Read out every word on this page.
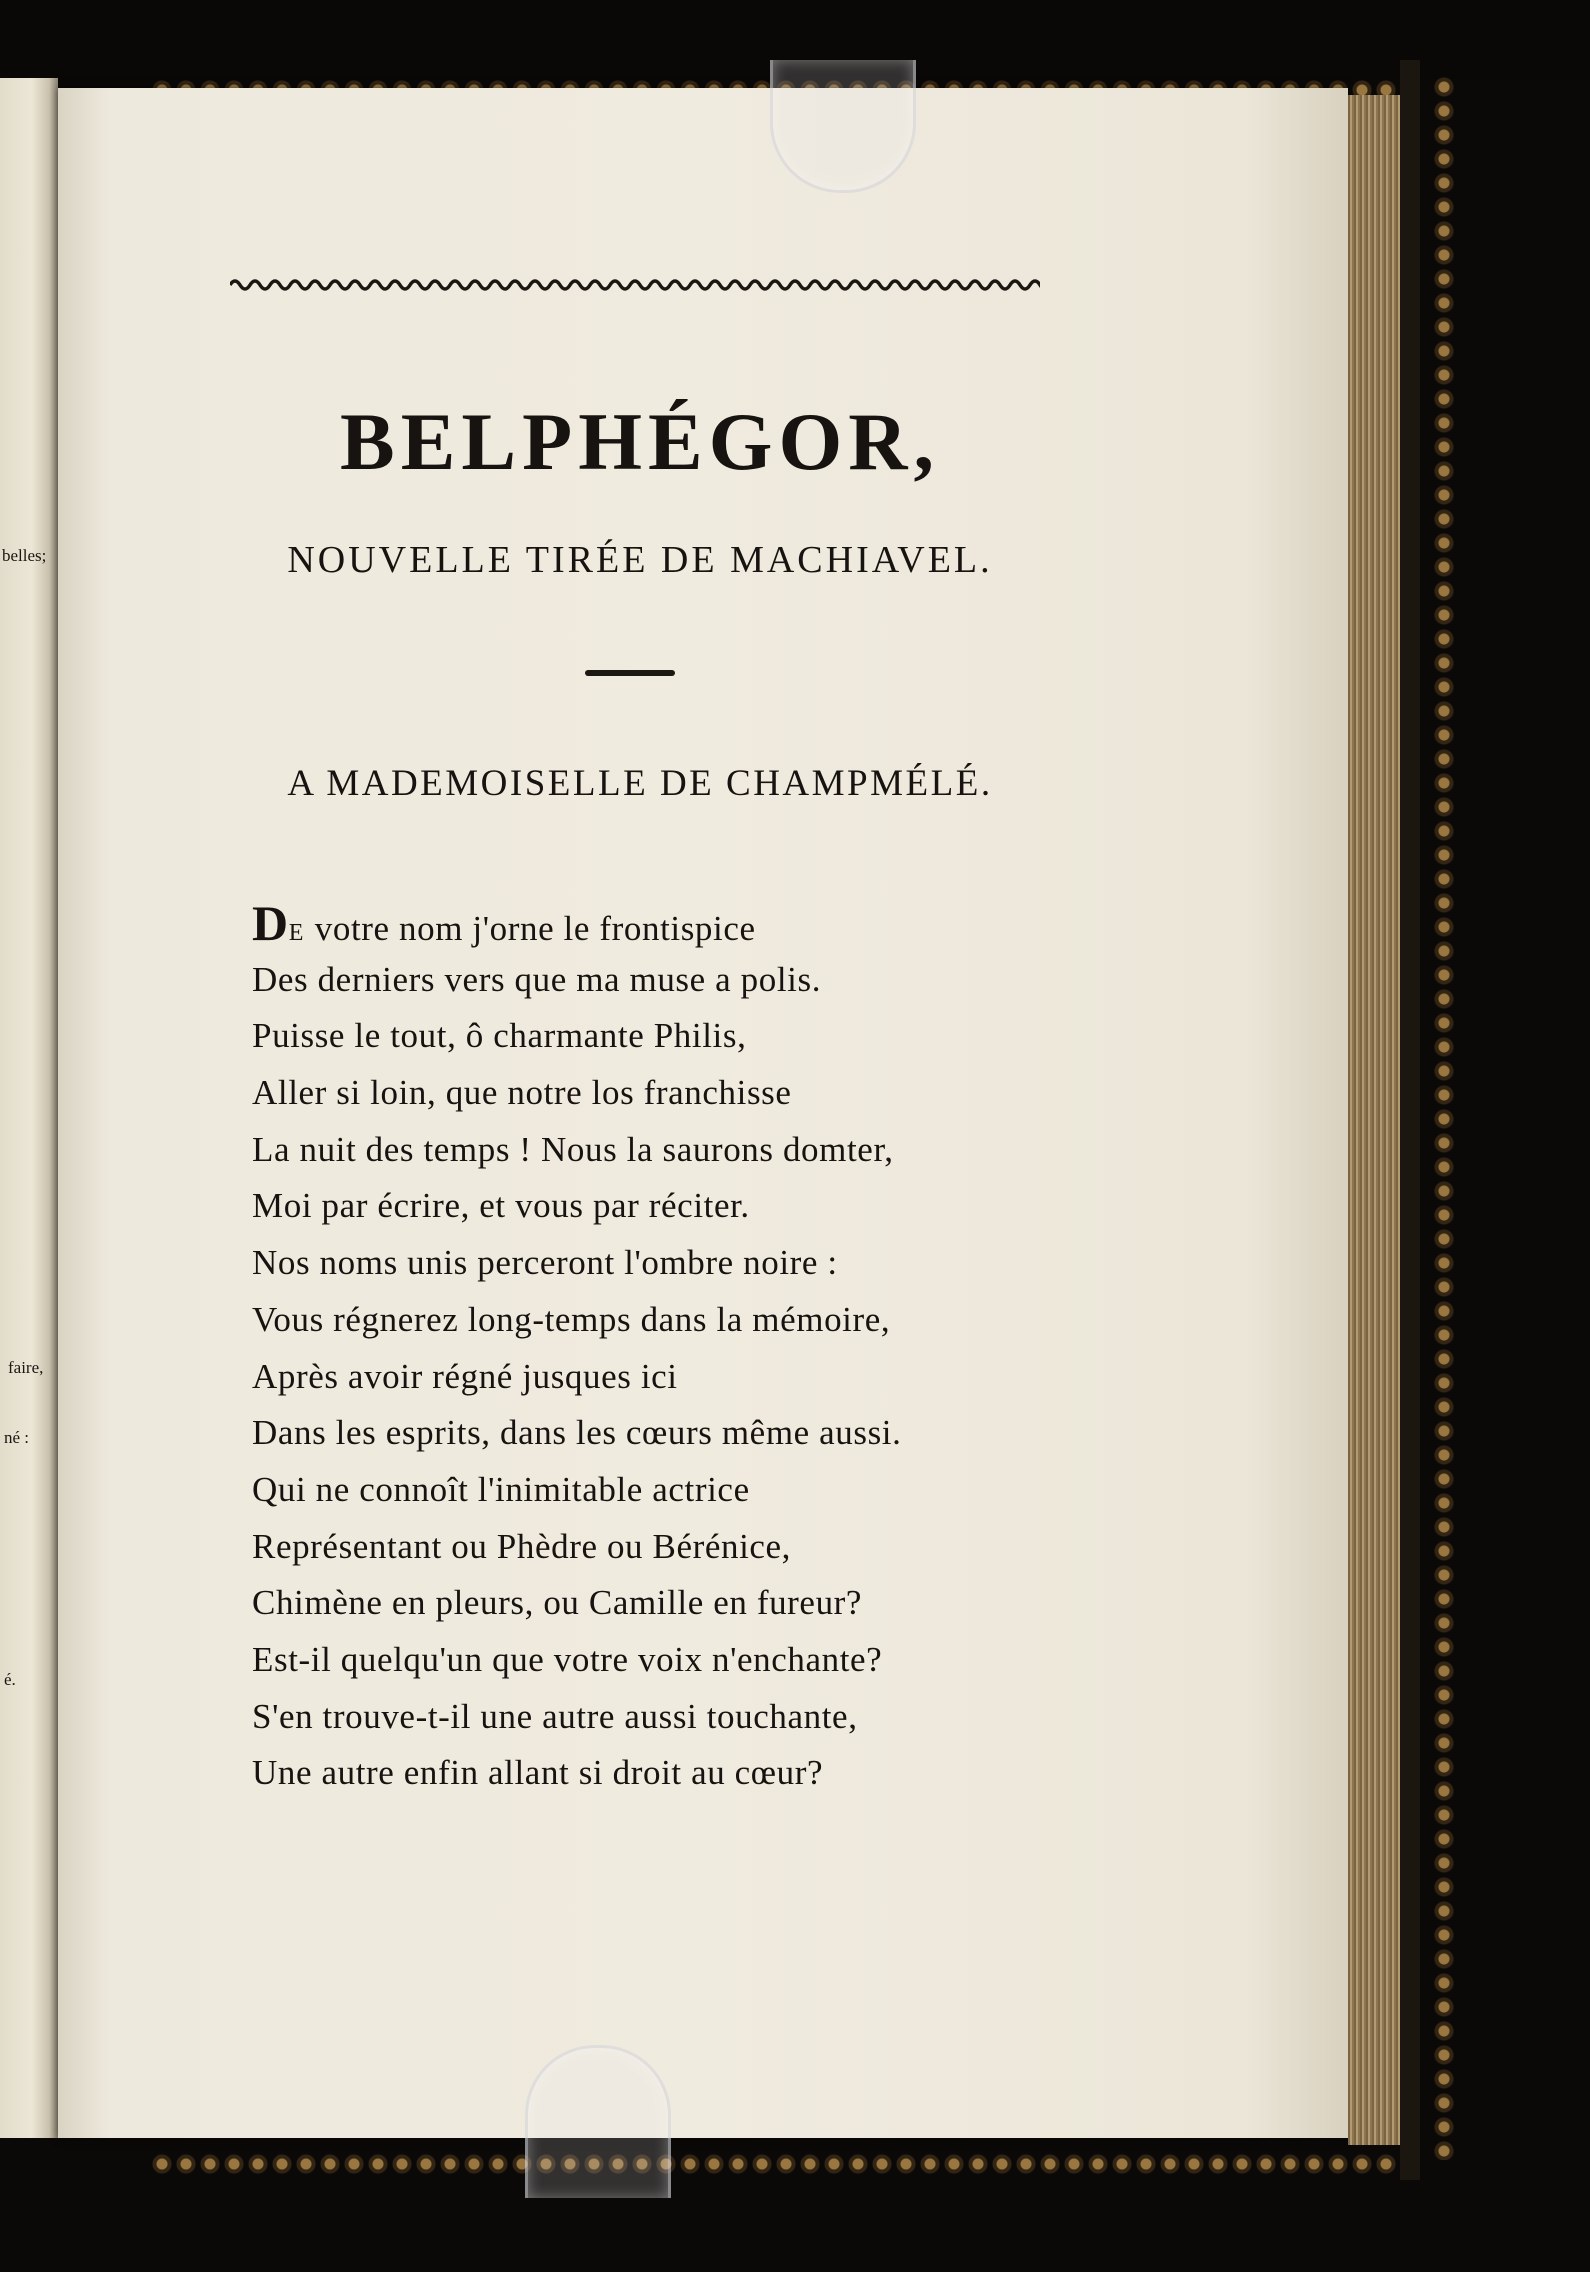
belles;
faire,
né :
é.
BELPHÉGOR,
NOUVELLE TIRÉE DE MACHIAVEL.
A MADEMOISELLE DE CHAMPMÉLÉ.
DE votre nom j'orne le frontispice
Des derniers vers que ma muse a polis.
Puisse le tout, ô charmante Philis,
Aller si loin, que notre los franchisse
La nuit des temps ! Nous la saurons domter,
Moi par écrire, et vous par réciter.
Nos noms unis perceront l'ombre noire :
Vous régnerez long-temps dans la mémoire,
Après avoir régné jusques ici
Dans les esprits, dans les cœurs même aussi.
Qui ne connoît l'inimitable actrice
Représentant ou Phèdre ou Bérénice,
Chimène en pleurs, ou Camille en fureur?
Est-il quelqu'un que votre voix n'enchante?
S'en trouve-t-il une autre aussi touchante,
Une autre enfin allant si droit au cœur?
